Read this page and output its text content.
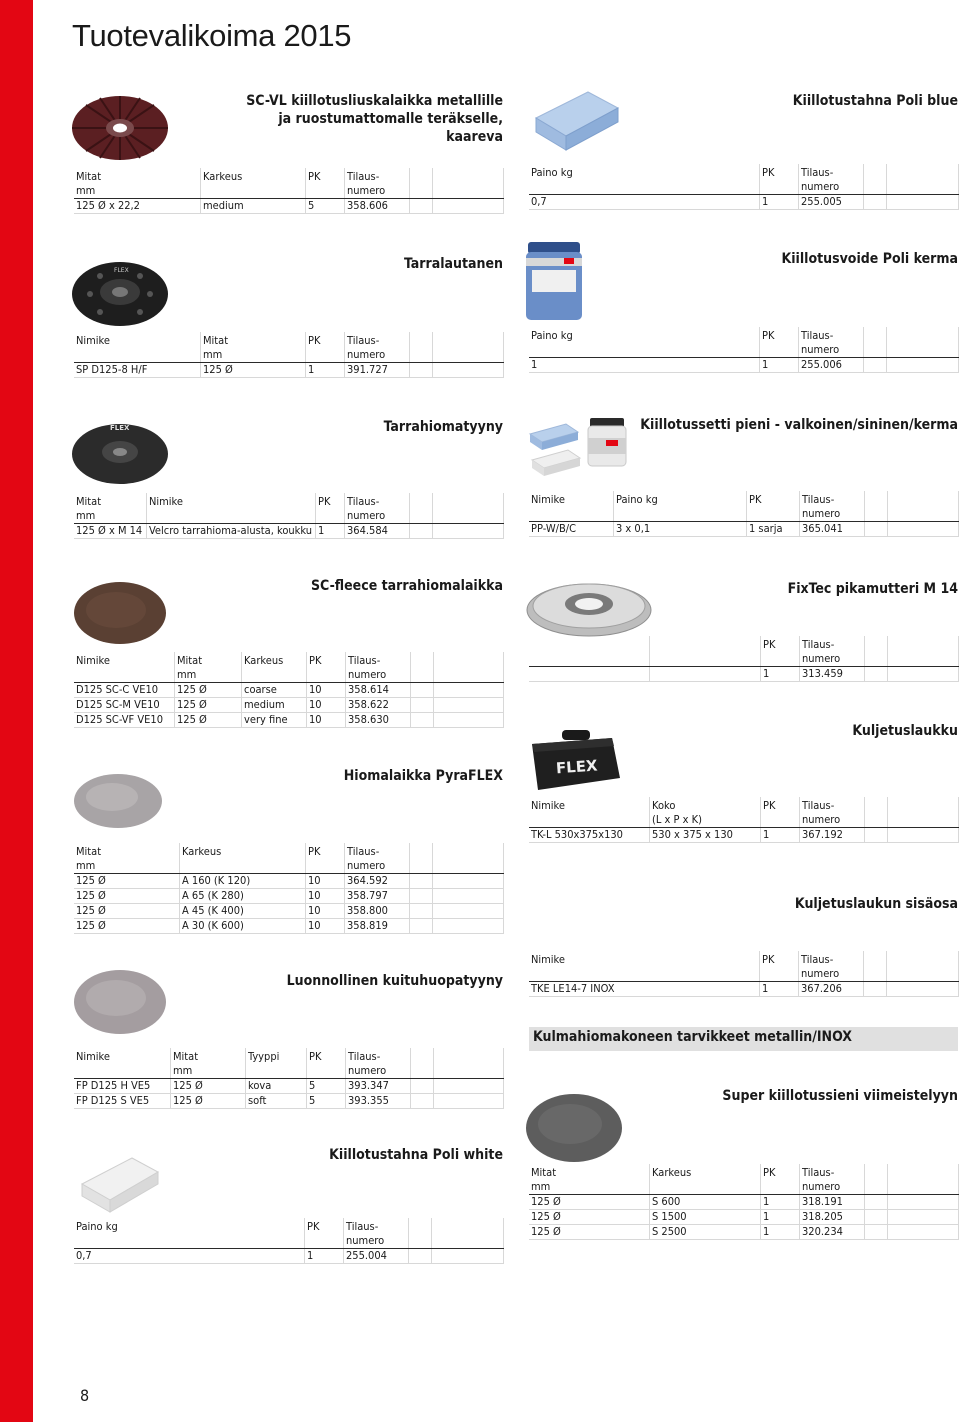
Tuotevalikoima 2015
8
SC-VL kiillotusliuskalaikka metallille ja ruostumattomalle teräkselle, kaareva
Mitat
mm	Karkeus	PK	Tilaus-
numero		
125 Ø x 22,2	medium	5	358.606		
FLEX	Tarralautanen
Nimike	Mitat
mm	PK	Tilaus-
numero		
SP D125-8 H/F	125 Ø	1	391.727		
FLEX	Tarrahiomatyyny
Mitat
mm	Nimike	PK	Tilaus-
numero		
125 Ø x M 14	Velcro tarrahioma-alusta, koukku	1	364.584		
SC-fleece tarrahiomalaikka
Nimike	Mitat
mm	Karkeus	PK	Tilaus-
numero		
D125 SC-C VE10	125 Ø	coarse	10	358.614		
D125 SC-M VE10	125 Ø	medium	10	358.622		
D125 SC-VF VE10	125 Ø	very fine	10	358.630		
Hiomalaikka PyraFLEX
Mitat
mm	Karkeus	PK	Tilaus-
numero		
125 Ø	A 160 (K 120)	10	364.592		
125 Ø	A 65 (K 280)	10	358.797		
125 Ø	A 45 (K 400)	10	358.800		
125 Ø	A 30 (K 600)	10	358.819		
Luonnollinen kuituhuopatyyny
Nimike	Mitat
mm	Tyyppi	PK	Tilaus-
numero		
FP D125 H VE5	125 Ø	kova	5	393.347		
FP D125 S VE5	125 Ø	soft	5	393.355		
Kiillotustahna Poli white
Paino kg	PK	Tilaus-
numero		
0,7	1	255.004		
Kiillotustahna Poli blue
Paino kg	PK	Tilaus-
numero		
0,7	1	255.005		
Kiillotusvoide Poli kerma
Paino kg	PK	Tilaus-
numero		
1	1	255.006		
Kiillotussetti pieni - valkoinen/sininen/kerma
Nimike	Paino kg	PK	Tilaus-
numero		
PP-W/B/C	3 x 0,1	1 sarja	365.041		
FixTec pikamutteri M 14

	PK	Tilaus-
numero		
		1	313.459		
Kuljetuslaukku
FLEX
Nimike	Koko
(L x P x K)	PK	Tilaus-
numero		
TK-L 530x375x130	530 x 375 x 130	1	367.192		
Kuljetuslaukun sisäosa
Nimike	PK	Tilaus-
numero		
TKE LE14-7 INOX	1	367.206		
Kulmahiomakoneen tarvikkeet metallin/INOX
Super kiillotussieni viimeistelyyn
Mitat
mm	Karkeus	PK	Tilaus-
numero		
125 Ø	S 600	1	318.191		
125 Ø	S 1500	1	318.205		
125 Ø	S 2500	1	320.234		
